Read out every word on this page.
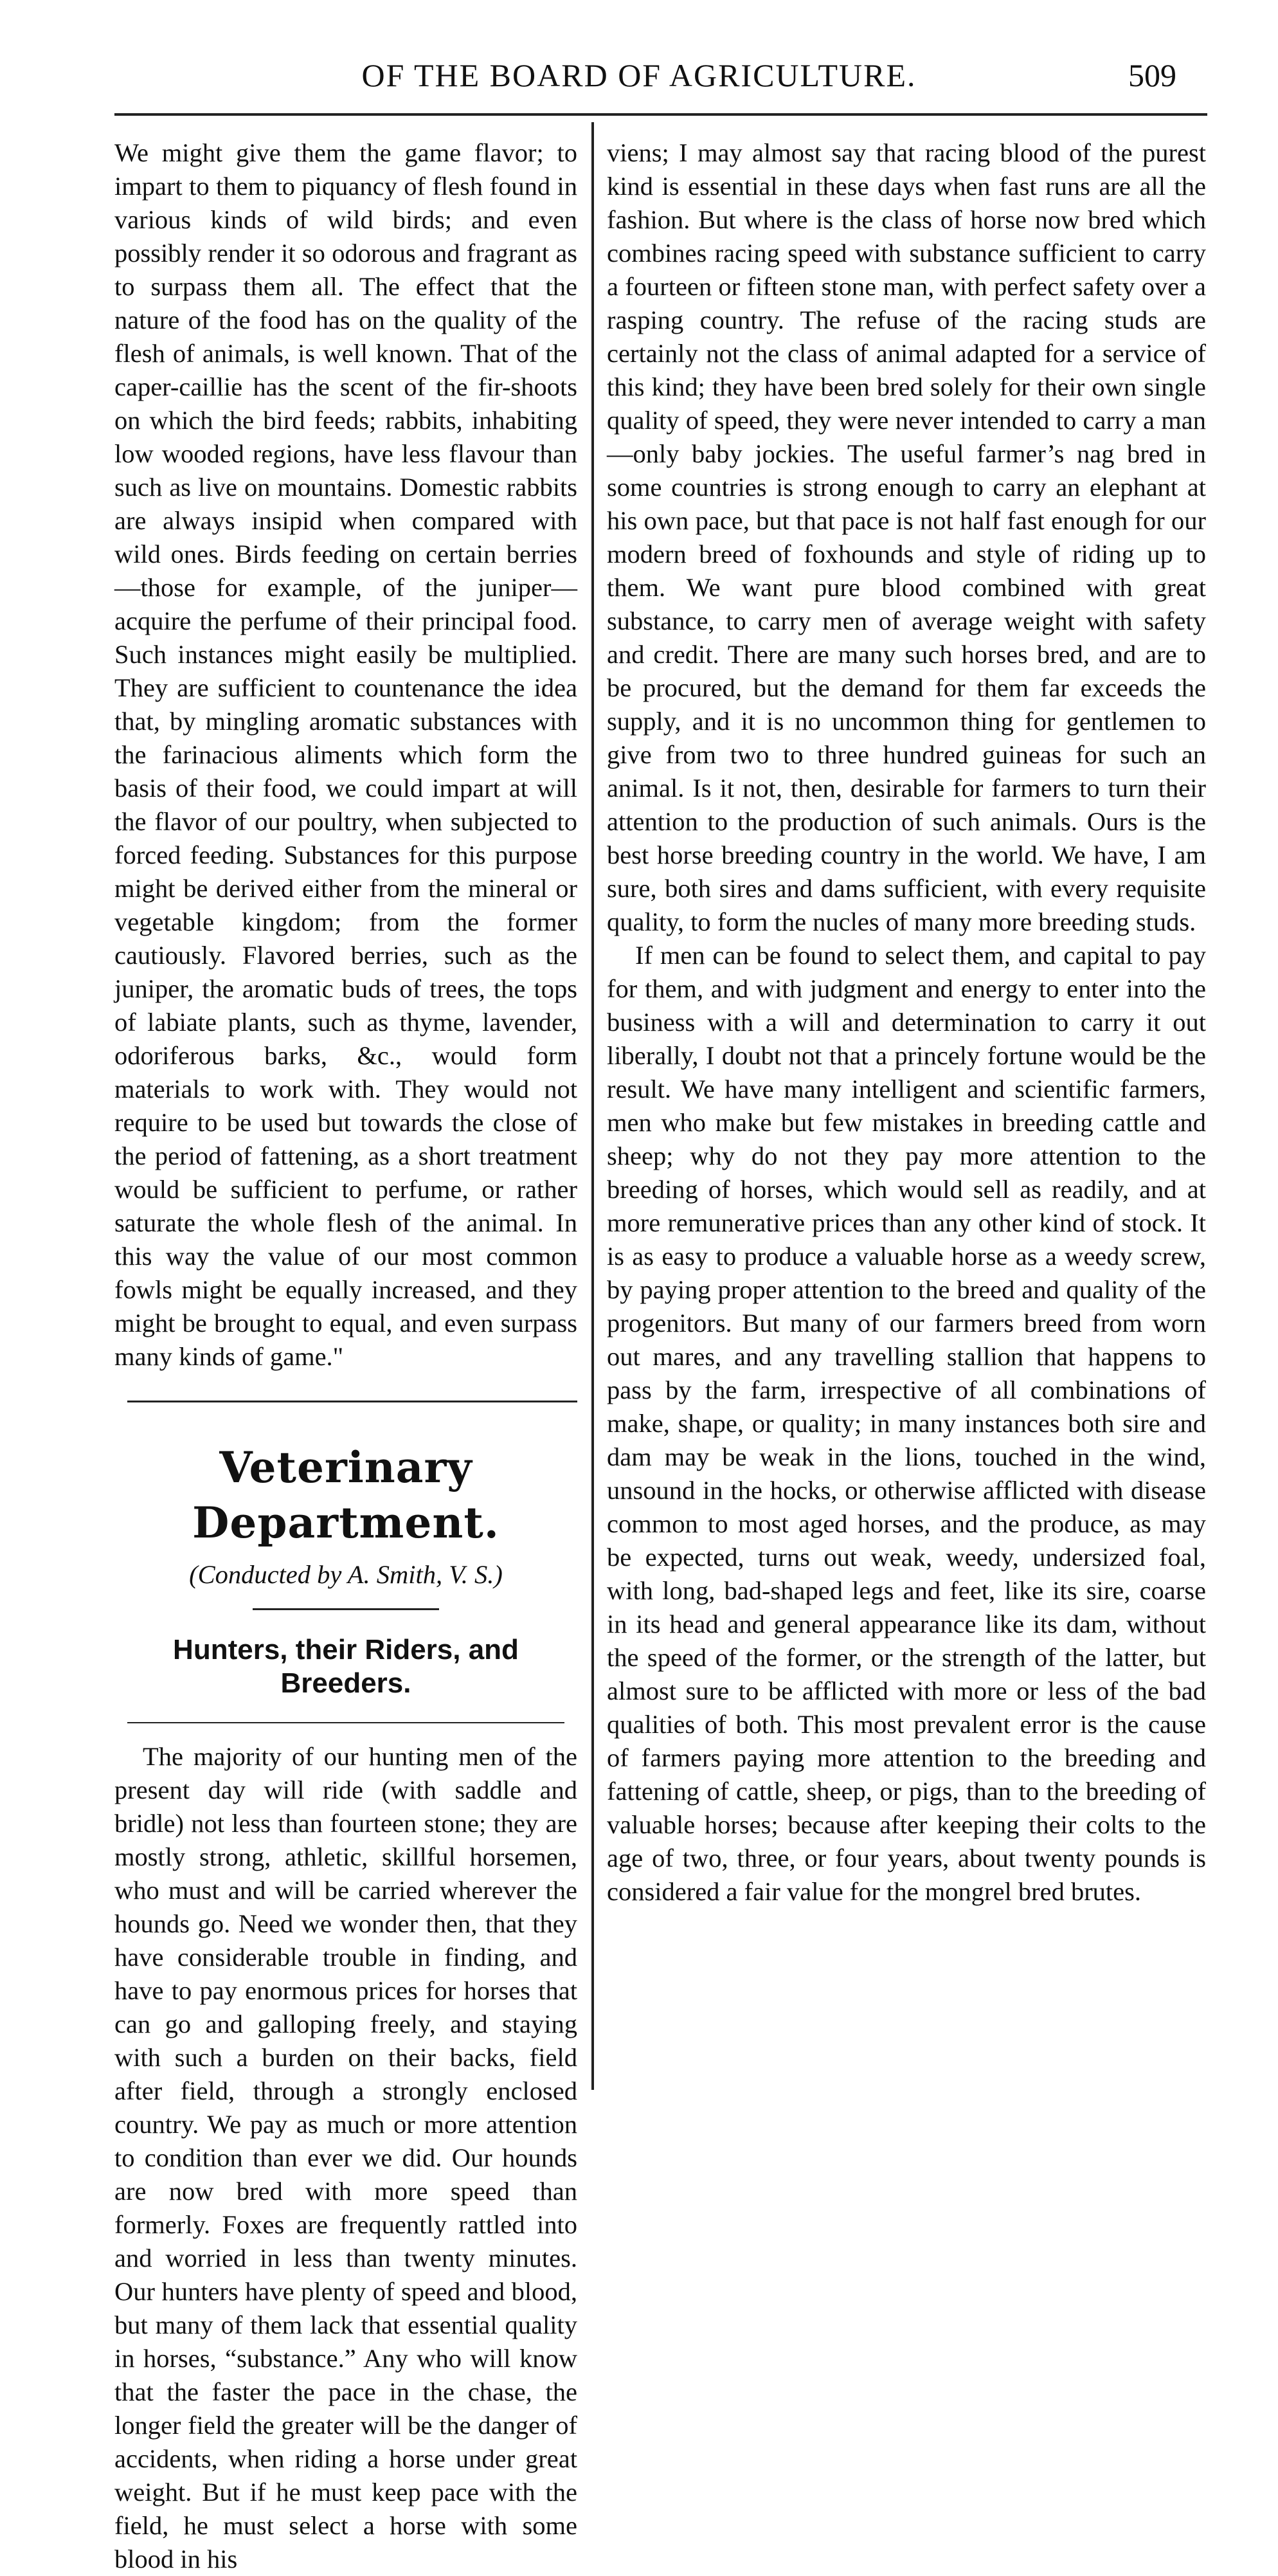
OF THE BOARD OF AGRICULTURE.	509

We might give them the game flavor; to impart to them to piquancy of flesh found in various kinds of wild birds; and even possibly render it so odorous and fragrant as to surpass them all. The effect that the nature of the food has on the quality of the flesh of animals, is well known. That of the caper-caillie has the scent of the fir-shoots on which the bird feeds; rabbits, inhabiting low wooded regions, have less flavour than such as live on mountains. Domestic rabbits are always insipid when compared with wild ones. Birds feeding on certain berries—those for example, of the juniper—acquire the perfume of their principal food. Such instances might easily be multiplied. They are sufficient to countenance the idea that, by mingling aromatic substances with the farinacious aliments which form the basis of their food, we could impart at will the flavor of our poultry, when subjected to forced feeding. Substances for this purpose might be derived either from the mineral or vegetable kingdom; from the former cautiously. Flavored berries, such as the juniper, the aromatic buds of trees, the tops of labiate plants, such as thyme, lavender, odoriferous barks, &c., would form materials to work with. They would not require to be used but towards the close of the period of fattening, as a short treatment would be sufficient to perfume, or rather saturate the whole flesh of the animal. In this way the value of our most common fowls might be equally increased, and they might be brought to equal, and even surpass many kinds of game."

Veterinary Department.
(Conducted by A. Smith, V. S.)
Hunters, their Riders, and Breeders.

The majority of our hunting men of the present day will ride (with saddle and bridle) not less than fourteen stone; they are mostly strong, athletic, skillful horsemen, who must and will be carried wherever the hounds go. Need we wonder then, that they have considerable trouble in finding, and have to pay enormous prices for horses that can go and galloping freely, and staying with such a burden on their backs, field after field, through a strongly enclosed country. We pay as much or more attention to condition than ever we did. Our hounds are now bred with more speed than formerly. Foxes are frequently rattled into and worried in less than twenty minutes. Our hunters have plenty of speed and blood, but many of them lack that essential quality in horses, “substance.” Any who will know that the faster the pace in the chase, the longer field the greater will be the danger of accidents, when riding a horse under great weight. But if he must keep pace with the field, he must select a horse with some blood in his

viens; I may almost say that racing blood of the purest kind is essential in these days when fast runs are all the fashion. But where is the class of horse now bred which combines racing speed with substance sufficient to carry a fourteen or fifteen stone man, with perfect safety over a rasping country. The refuse of the racing studs are certainly not the class of animal adapted for a service of this kind; they have been bred solely for their own single quality of speed, they were never intended to carry a man—only baby jockies. The useful farmer’s nag bred in some countries is strong enough to carry an elephant at his own pace, but that pace is not half fast enough for our modern breed of foxhounds and style of riding up to them. We want pure blood combined with great substance, to carry men of average weight with safety and credit. There are many such horses bred, and are to be procured, but the demand for them far exceeds the supply, and it is no uncommon thing for gentlemen to give from two to three hundred guineas for such an animal. Is it not, then, desirable for farmers to turn their attention to the production of such animals. Ours is the best horse breeding country in the world. We have, I am sure, both sires and dams sufficient, with every requisite quality, to form the nucles of many more breeding studs.

If men can be found to select them, and capital to pay for them, and with judgment and energy to enter into the business with a will and determination to carry it out liberally, I doubt not that a princely fortune would be the result. We have many intelligent and scientific farmers, men who make but few mistakes in breeding cattle and sheep; why do not they pay more attention to the breeding of horses, which would sell as readily, and at more remunerative prices than any other kind of stock. It is as easy to produce a valuable horse as a weedy screw, by paying proper attention to the breed and quality of the progenitors. But many of our farmers breed from worn out mares, and any travelling stallion that happens to pass by the farm, irrespective of all combinations of make, shape, or quality; in many instances both sire and dam may be weak in the lions, touched in the wind, unsound in the hocks, or otherwise afflicted with disease common to most aged horses, and the produce, as may be expected, turns out weak, weedy, undersized foal, with long, bad-shaped legs and feet, like its sire, coarse in its head and general appearance like its dam, without the speed of the former, or the strength of the latter, but almost sure to be afflicted with more or less of the bad qualities of both. This most prevalent error is the cause of farmers paying more attention to the breeding and fattening of cattle, sheep, or pigs, than to the breeding of valuable horses; because after keeping their colts to the age of two, three, or four years, about twenty pounds is considered a fair value for the mongrel bred brutes.
